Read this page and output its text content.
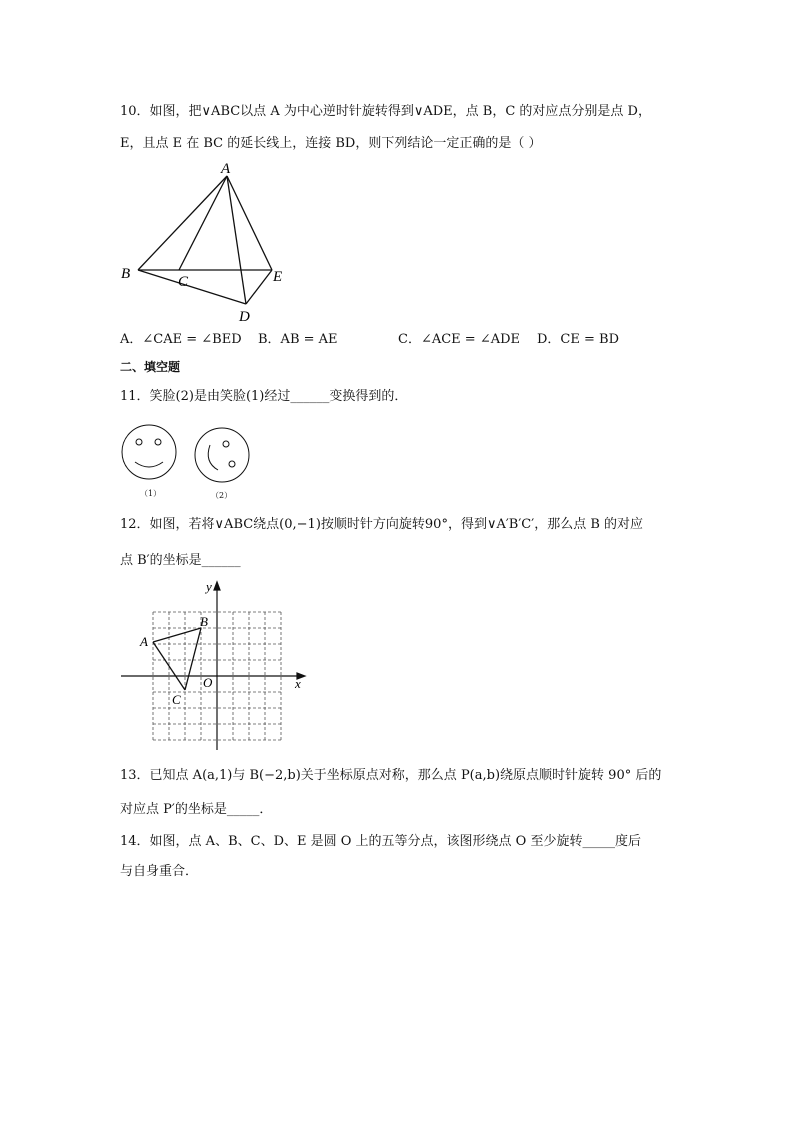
10．如图，把∨ABC以点 A 为中心逆时针旋转得到∨ADE，点 B，C 的对应点分别是点 D，
E，且点 E 在 BC 的延长线上，连接 BD，则下列结论一定正确的是（ ）
A
B	C	E
D
A．∠CAE = ∠BED B．AB = AE	C．∠ACE = ∠ADE D．CE = BD
二、填空题
11．笑脸(2)是由笑脸(1)经过______变换得到的．
（1）	（2）
12．如图，若将∨ABC绕点(0,−1)按顺时针方向旋转90°，得到∨A′B′C′，那么点 B 的对应
点 B′的坐标是______
y
x
O
A
B
C
13．已知点 A(a,1)与 B(−2,b)关于坐标原点对称，那么点 P(a,b)绕原点顺时针旋转 90° 后的
对应点 P′的坐标是_____．
14．如图，点 A、B、C、D、E 是圆 O 上的五等分点，该图形绕点 O 至少旋转_____度后
与自身重合．
